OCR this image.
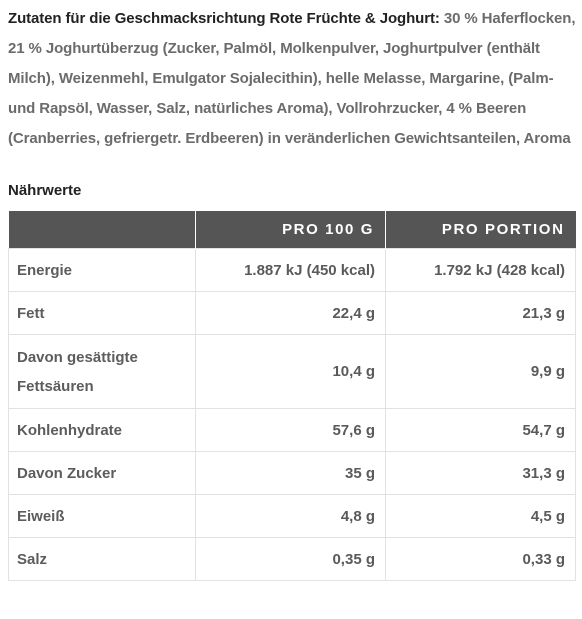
Zutaten für die Geschmacksrichtung Rote Früchte & Joghurt: 30 % Haferflocken, 21 % Joghurtüberzug (Zucker, Palmöl, Molkenpulver, Joghurtpulver (enthält Milch), Weizenmehl, Emulgator Sojalecithin), helle Melasse, Margarine, (Palm- und Rapsöl, Wasser, Salz, natürliches Aroma), Vollrohrzucker, 4 % Beeren (Cranberries, gefriergetr. Erdbeeren) in veränderlichen Gewichtsanteilen, Aroma

Nährwerte
	PRO 100 G	PRO PORTION
Energie	1.887 kJ (450 kcal)	1.792 kJ (428 kcal)
Fett	22,4 g	21,3 g
Davon gesättigte Fettsäuren	10,4 g	9,9 g
Kohlenhydrate	57,6 g	54,7 g
Davon Zucker	35 g	31,3 g
Eiweiß	4,8 g	4,5 g
Salz	0,35 g	0,33 g
